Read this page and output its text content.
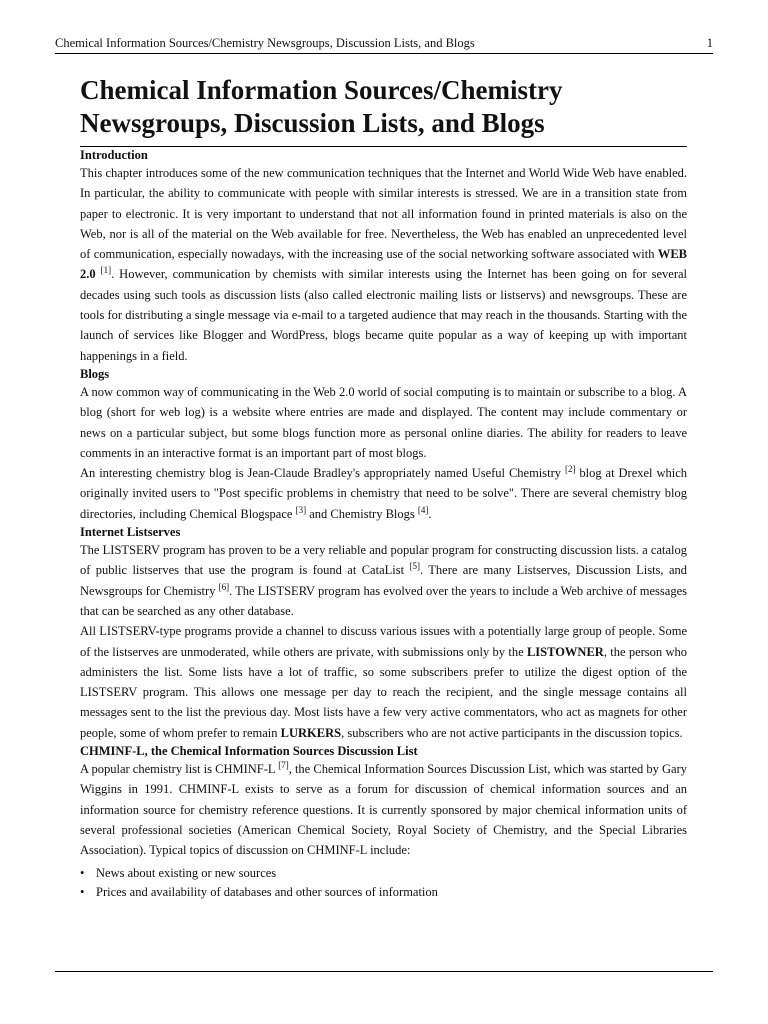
Chemical Information Sources/Chemistry Newsgroups, Discussion Lists, and Blogs	1
Chemical Information Sources/Chemistry
Newsgroups, Discussion Lists, and Blogs
Introduction

This chapter introduces some of the new communication techniques that the Internet and World Wide Web have enabled. In particular, the ability to communicate with people with similar interests is stressed. We are in a transition state from paper to electronic. It is very important to understand that not all information found in printed materials is also on the Web, nor is all of the material on the Web available for free. Nevertheless, the Web has enabled an unprecedented level of communication, especially nowadays, with the increasing use of the social networking software associated with WEB 2.0 [1]. However, communication by chemists with similar interests using the Internet has been going on for several decades using such tools as discussion lists (also called electronic mailing lists or listservs) and newsgroups. These are tools for distributing a single message via e-mail to a targeted audience that may reach in the thousands. Starting with the launch of services like Blogger and WordPress, blogs became quite popular as a way of keeping up with important happenings in a field.

Blogs

A now common way of communicating in the Web 2.0 world of social computing is to maintain or subscribe to a blog. A blog (short for web log) is a website where entries are made and displayed. The content may include commentary or news on a particular subject, but some blogs function more as personal online diaries. The ability for readers to leave comments in an interactive format is an important part of most blogs.

An interesting chemistry blog is Jean-Claude Bradley's appropriately named Useful Chemistry [2] blog at Drexel which originally invited users to "Post specific problems in chemistry that need to be solve". There are several chemistry blog directories, including Chemical Blogspace [3] and Chemistry Blogs [4].

Internet Listserves

The LISTSERV program has proven to be a very reliable and popular program for constructing discussion lists. a catalog of public listserves that use the program is found at CataList [5]. There are many Listserves, Discussion Lists, and Newsgroups for Chemistry [6]. The LISTSERV program has evolved over the years to include a Web archive of messages that can be searched as any other database.

All LISTSERV-type programs provide a channel to discuss various issues with a potentially large group of people. Some of the listserves are unmoderated, while others are private, with submissions only by the LISTOWNER, the person who administers the list. Some lists have a lot of traffic, so some subscribers prefer to utilize the digest option of the LISTSERV program. This allows one message per day to reach the recipient, and the single message contains all messages sent to the list the previous day. Most lists have a few very active commentators, who act as magnets for other people, some of whom prefer to remain LURKERS, subscribers who are not active participants in the discussion topics.

CHMINF-L, the Chemical Information Sources Discussion List

A popular chemistry list is CHMINF-L [7], the Chemical Information Sources Discussion List, which was started by Gary Wiggins in 1991. CHMINF-L exists to serve as a forum for discussion of chemical information sources and an information source for chemistry reference questions. It is currently sponsored by major chemical information units of several professional societies (American Chemical Society, Royal Society of Chemistry, and the Special Libraries Association). Typical topics of discussion on CHMINF-L include:

• News about existing or new sources
• Prices and availability of databases and other sources of information
